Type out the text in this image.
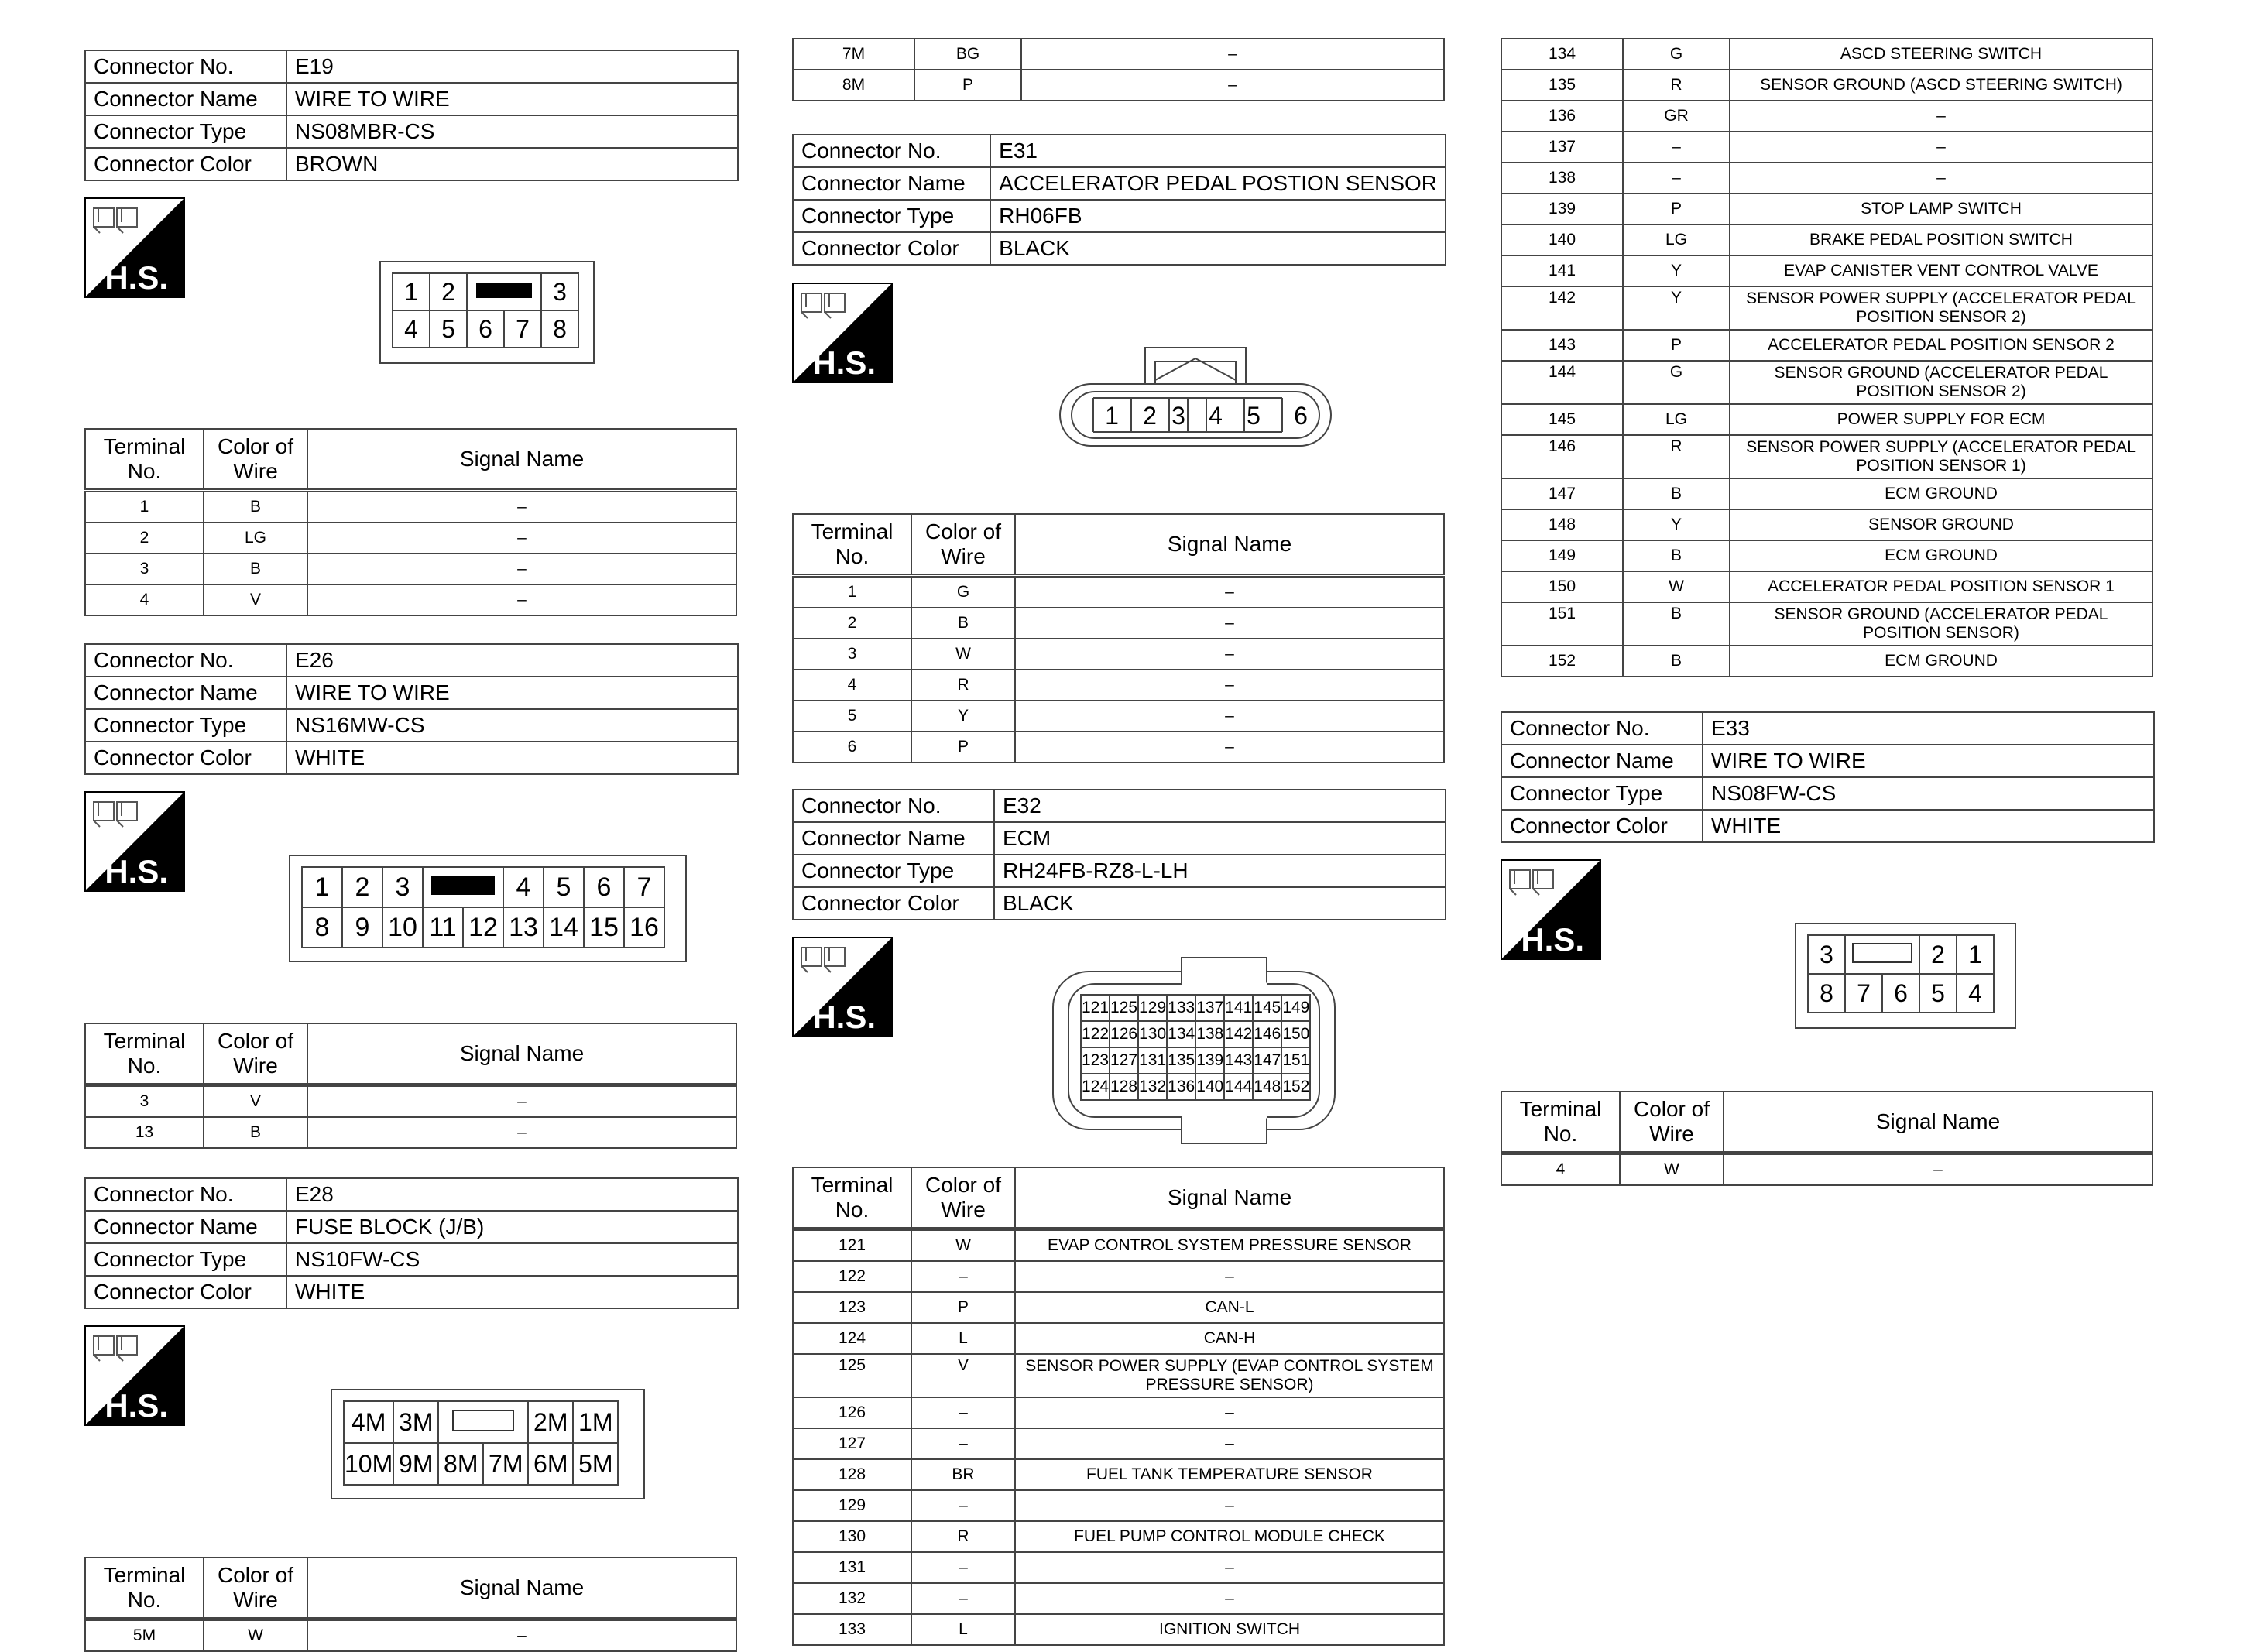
Connector No.	E19
Connector Name	WIRE TO WIRE
Connector Type	NS08MBR-CS
Connector Color	BROWN
H.S.	1	2			3
4	5	6	7	8
Terminal No.	Color of Wire	Signal Name
1	B	–
2	LG	–
3	B	–
4	V	–
Connector No.	E26
Connector Name	WIRE TO WIRE
Connector Type	NS16MW-CS
Connector Color	WHITE
H.S.	1	2	3			4	5	6	7
8	9	10	11	12	13	14	15	16
Terminal No.	Color of Wire	Signal Name
3	V	–
13	B	–
Connector No.	E28
Connector Name	FUSE BLOCK (J/B)
Connector Type	NS10FW-CS
Connector Color	WHITE
H.S.	4M	3M			2M	1M
10M	9M	8M	7M	6M	5M
Terminal No.	Color of Wire	Signal Name
5M	W	–
7M	BG	–
8M	P	–
Connector No.	E31
Connector Name	ACCELERATOR PEDAL POSTION SENSOR
Connector Type	RH06FB
Connector Color	BLACK
H.S.
1 2 3 4 5 6
Terminal No.	Color of Wire	Signal Name
1	G	–
2	B	–
3	W	–
4	R	–
5	Y	–
6	P	–
Connector No.	E32
Connector Name	ECM
Connector Type	RH24FB-RZ8-L-LH
Connector Color	BLACK
H.S.	121	125	129	133	137	141	145	149
122	126	130	134	138	142	146	150
123	127	131	135	139	143	147	151
124	128	132	136	140	144	148	152
Terminal No.	Color of Wire	Signal Name
121	W	EVAP CONTROL SYSTEM PRESSURE SENSOR
122	–	–
123	P	CAN-L
124	L	CAN-H
125	V	SENSOR POWER SUPPLY (EVAP CONTROL SYSTEM PRESSURE SENSOR)
126	–	–
127	–	–
128	BR	FUEL TANK TEMPERATURE SENSOR
129	–	–
130	R	FUEL PUMP CONTROL MODULE CHECK
131	–	–
132	–	–
133	L	IGNITION SWITCH
134	G	ASCD STEERING SWITCH
135	R	SENSOR GROUND (ASCD STEERING SWITCH)
136	GR	–
137	–	–
138	–	–
139	P	STOP LAMP SWITCH
140	LG	BRAKE PEDAL POSITION SWITCH
141	Y	EVAP CANISTER VENT CONTROL VALVE
142	Y	SENSOR POWER SUPPLY (ACCELERATOR PEDAL POSITION SENSOR 2)
143	P	ACCELERATOR PEDAL POSITION SENSOR 2
144	G	SENSOR GROUND (ACCELERATOR PEDAL POSITION SENSOR 2)
145	LG	POWER SUPPLY FOR ECM
146	R	SENSOR POWER SUPPLY (ACCELERATOR PEDAL POSITION SENSOR 1)
147	B	ECM GROUND
148	Y	SENSOR GROUND
149	B	ECM GROUND
150	W	ACCELERATOR PEDAL POSITION SENSOR 1
151	B	SENSOR GROUND (ACCELERATOR PEDAL POSITION SENSOR)
152	B	ECM GROUND
Connector No.	E33
Connector Name	WIRE TO WIRE
Connector Type	NS08FW-CS
Connector Color	WHITE
H.S.	3			2	1
8	7	6	5	4
Terminal No.	Color of Wire	Signal Name
4	W	–
